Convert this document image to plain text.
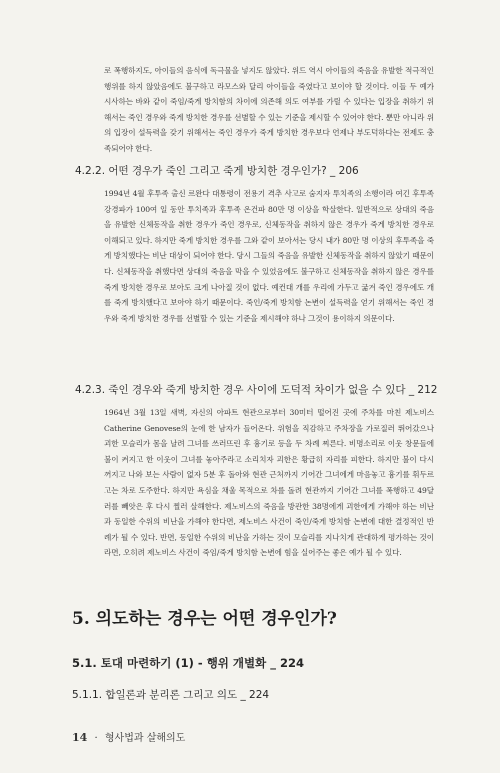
로 폭행하지도, 아이들의 음식에 독극물을 넣지도 않았다. 위드 역시 아이들의 죽음을 유발한 적극적인 행위를 하지 않았음에도 불구하고 라모스와 달리 아이들을 죽였다고 보이야 할 것이다. 이들 두 예가 시사하는 바와 같이 죽임/죽게 방치함의 차이에 의존해 의도 여부를 가릴 수 있다는 입장을 취하기 위해서는 죽인 경우와 죽게 방치한 경우를 선별할 수 있는 기준을 제시할 수 있어야 한다. 뿐만 아니라 위의 입장이 설득력을 갖기 위해서는 죽인 경우가 죽게 방치한 경우보다 언제나 부도덕하다는 전제도 충족되어야 한다.

4.2.2. 어떤 경우가 죽인 그리고 죽게 방치한 경우인가? _ 206

1994년 4월 후투족 출신 르완다 대통령이 전용기 격추 사고로 숨지자 투치족의 소행이라 여긴 후투족 강경파가 100여 일 동안 투치족과 후투족 온건파 80만 명 이상을 학살한다. 일반적으로 상대의 죽음을 유발한 신체동작을 취한 경우가 죽인 경우로, 신체동작을 취하지 않은 경우가 죽게 방치한 경우로 이해되고 있다. 하지만 죽게 방치한 경우를 그와 같이 보아서는 당시 내가 80만 명 이상의 후투족을 죽게 방치했다는 비난 대상이 되어야 한다. 당시 그들의 죽음을 유발한 신체동작을 취하지 않았기 때문이다. 신체동작을 취했다면 상대의 죽음을 막을 수 있었음에도 불구하고 신체동작을 취하지 않은 경우를 죽게 방치한 경우로 보아도 크게 나아질 것이 없다. 예컨대 개를 우리에 가두고 굶겨 죽인 경우에도 개를 죽게 방치했다고 보아야 하기 때문이다. 죽인/죽게 방치함 논변이 설득력을 얻기 위해서는 죽인 경우와 죽게 방치한 경우를 선별할 수 있는 기준을 제시해야 하나 그것이 용이하지 의문이다.

4.2.3. 죽인 경우와 죽게 방치한 경우 사이에 도덕적 차이가 없을 수 있다 _ 212

1964년 3월 13일 새벽, 자신의 아파트 현관으로부터 30미터 떨어진 곳에 주차를 마친 제노비스Catherine Genovese의 눈에 한 남자가 들어온다. 위험을 직감하고 주차장을 가로질러 뛰어갔으나 괴한 모슬리가 몸을 날려 그녀를 쓰러뜨린 후 흉기로 등을 두 차례 찌른다. 비명소리로 이웃 창문들에 불이 켜지고 한 이웃이 그녀를 놓아주라고 소리치자 괴한은 황급히 자리를 피한다. 하지만 불이 다시 꺼지고 나와 보는 사람이 없자 5분 후 돌아와 현관 근처까지 기어간 그녀에게 마음놓고 흉기를 휘두르고는 차로 도주한다. 하지만 욕심을 채울 목적으로 차를 돌려 현관까지 기어간 그녀를 폭행하고 49달러를 빼앗은 후 다시 찔러 살해한다. 제노비스의 죽음을 방관한 38명에게 괴한에게 가해야 하는 비난과 동일한 수위의 비난을 가해야 한다면, 제노비스 사건이 죽인/죽게 방치함 논변에 대한 결정적인 반례가 될 수 있다. 반면, 동일한 수위의 비난을 가하는 것이 모슬리를 지나치게 관대하게 평가하는 것이라면, 오히려 제노비스 사건이 죽임/죽게 방치함 논변에 힘을 실어주는 좋은 예가 될 수 있다.

5. 의도하는 경우는 어떤 경우인가?
5.1. 토대 마련하기 (1) - 행위 개별화 _ 224
5.1.1. 합일론과 분리론 그리고 의도 _ 224
14 · 형사법과 살해의도
